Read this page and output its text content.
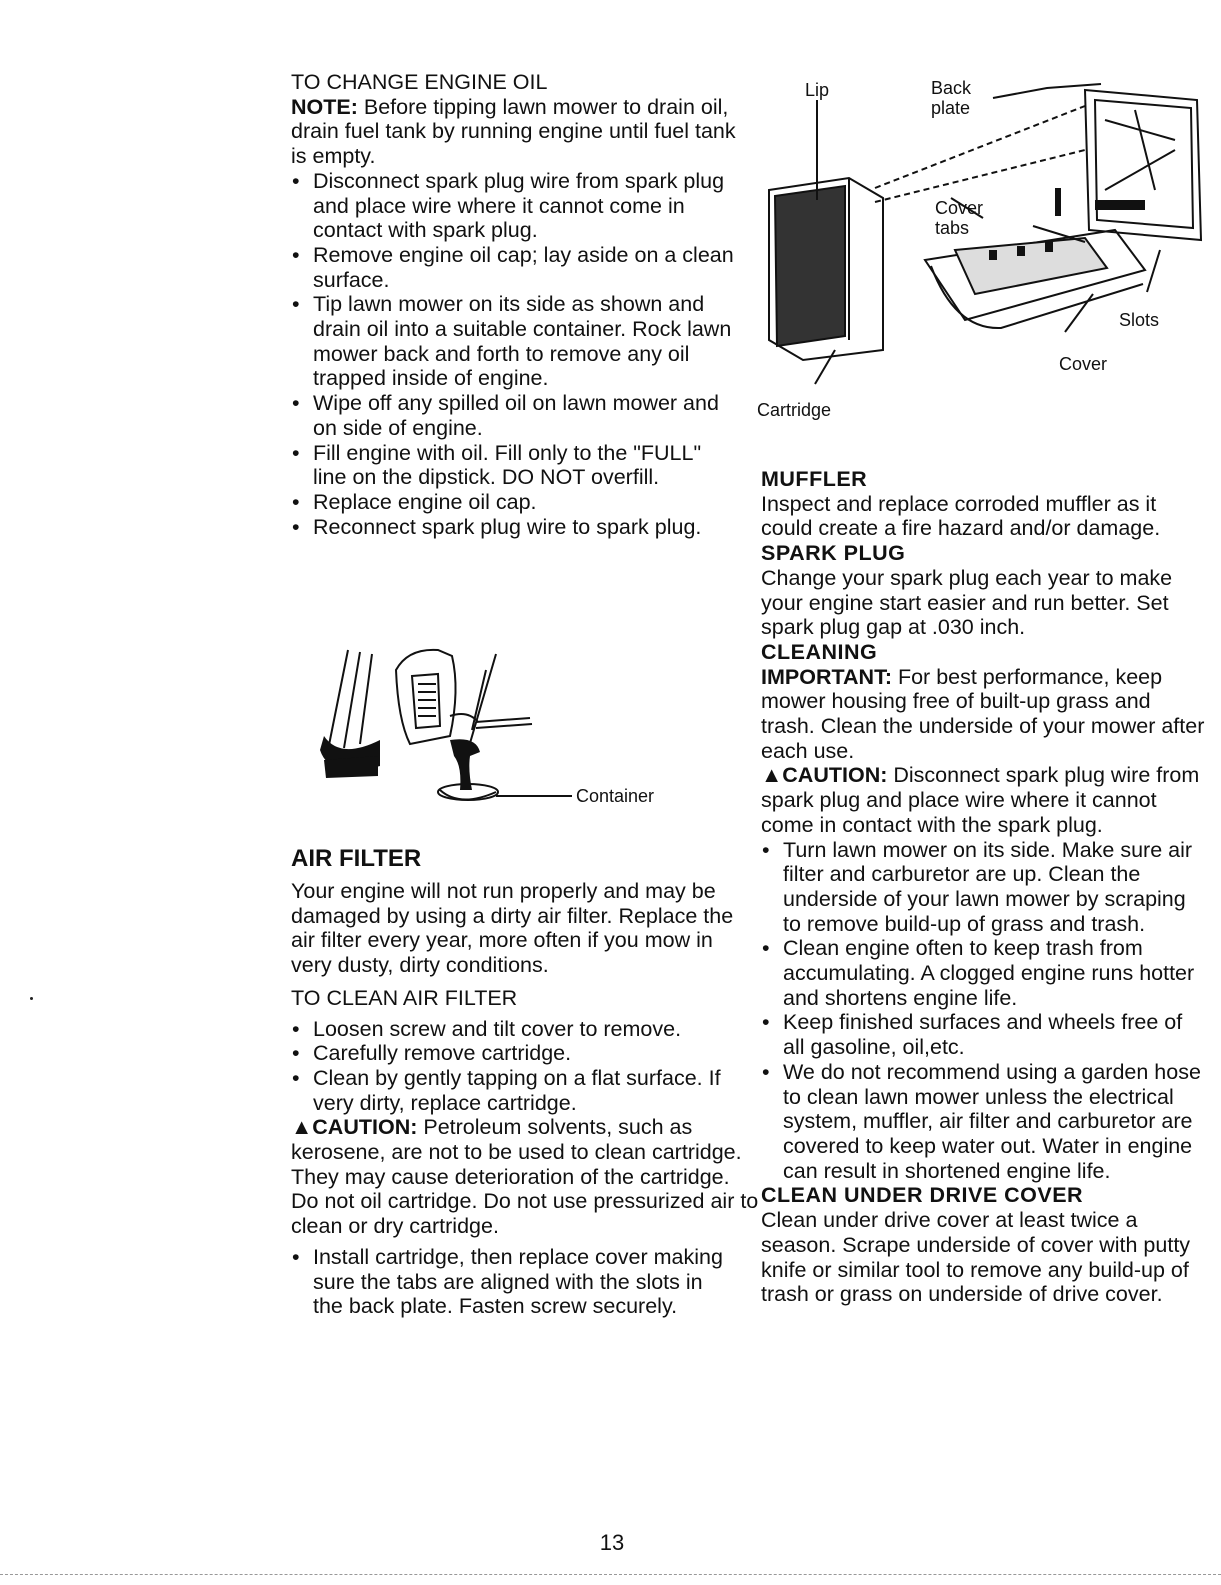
TO CHANGE ENGINE OIL

NOTE: Before tipping lawn mower to drain oil, drain fuel tank by running engine until fuel tank is empty.

• Disconnect spark plug wire from spark plug and place wire where it cannot come in contact with spark plug.
• Remove engine oil cap; lay aside on a clean surface.
• Tip lawn mower on its side as shown and drain oil into a suitable container. Rock lawn mower back and forth to remove any oil trapped inside of engine.
• Wipe off any spilled oil on lawn mower and on side of engine.
• Fill engine with oil. Fill only to the "FULL" line on the dipstick. DO NOT overfill.
• Replace engine oil cap.
• Reconnect spark plug wire to spark plug.
Container

AIR FILTER

Your engine will not run properly and may be damaged by using a dirty air filter. Replace the air filter every year, more often if you mow in very dusty, dirty conditions.

TO CLEAN AIR FILTER

• Loosen screw and tilt cover to remove.
• Carefully remove cartridge.
• Clean by gently tapping on a flat surface. If very dirty, replace cartridge.

▲CAUTION: Petroleum solvents, such as kerosene, are not to be used to clean cartridge. They may cause deterioration of the cartridge. Do not oil cartridge. Do not use pressurized air to clean or dry cartridge.

• Install cartridge, then replace cover making sure the tabs are aligned with the slots in the back plate. Fasten screw securely.
Lip	Back
plate
Cover
tabs
Slots
Cover
Cartridge

MUFFLER

Inspect and replace corroded muffler as it could create a fire hazard and/or damage.

SPARK PLUG

Change your spark plug each year to make your engine start easier and run better. Set spark plug gap at .030 inch.

CLEANING

IMPORTANT: For best performance, keep mower housing free of built-up grass and trash. Clean the underside of your mower after each use.

▲CAUTION: Disconnect spark plug wire from spark plug and place wire where it cannot come in contact with the spark plug.

• Turn lawn mower on its side. Make sure air filter and carburetor are up. Clean the underside of your lawn mower by scraping to remove build-up of grass and trash.
• Clean engine often to keep trash from accumulating. A clogged engine runs hotter and shortens engine life.
• Keep finished surfaces and wheels free of all gasoline, oil,etc.
• We do not recommend using a garden hose to clean lawn mower unless the electrical system, muffler, air filter and carburetor are covered to keep water out. Water in engine can result in shortened engine life.

CLEAN UNDER DRIVE COVER

Clean under drive cover at least twice a season. Scrape underside of cover with putty knife or similar tool to remove any build-up of trash or grass on underside of drive cover.

13
